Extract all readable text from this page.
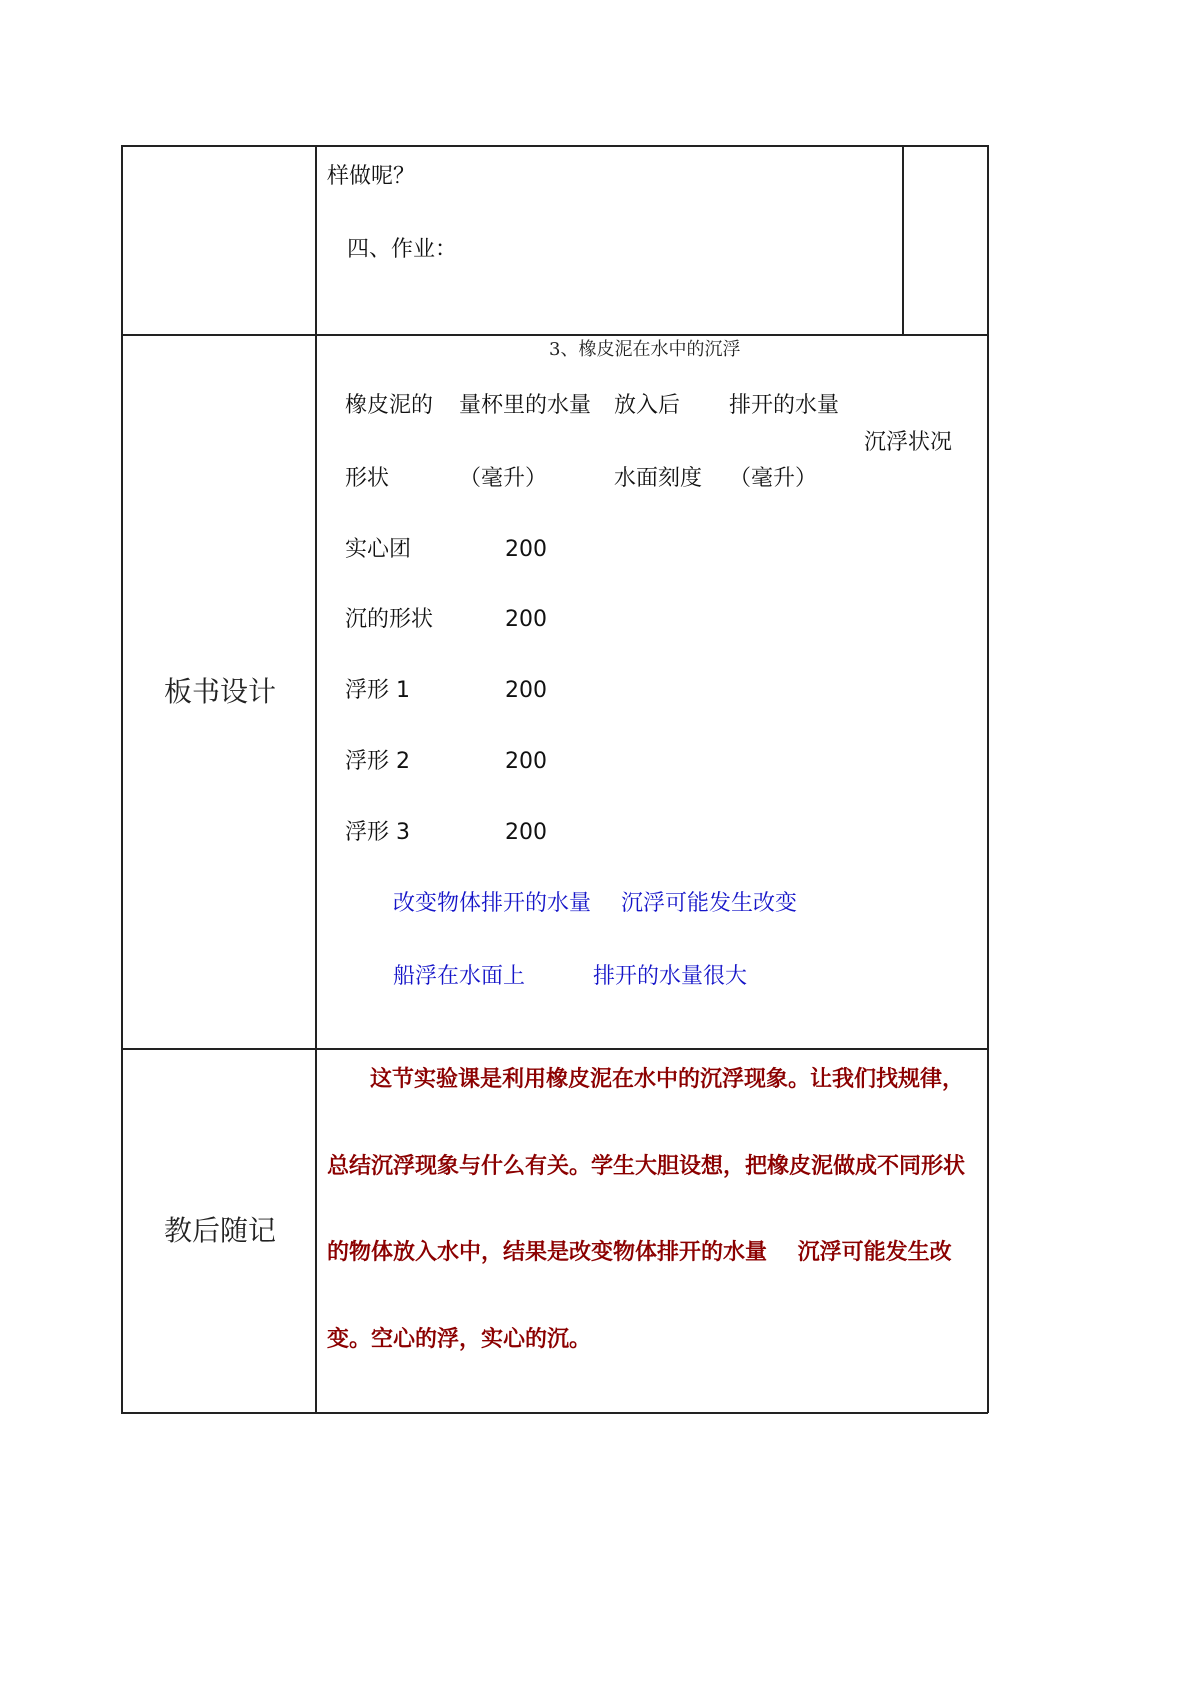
样做呢？
四、作业：
板书设计
3、橡皮泥在水中的沉浮
橡皮泥的 量杯里的水量 放入后 排开的水量
沉浮状况
形状	（毫升）	水面刻度 （毫升）
实心团	200
沉的形状	200
浮形 1	200
浮形 2	200
浮形 3	200
改变物体排开的水量 沉浮可能发生改变
船浮在水面上	排开的水量很大
教后随记
这节实验课是利用橡皮泥在水中的沉浮现象。让我们找规律，
总结沉浮现象与什么有关。学生大胆设想，把橡皮泥做成不同形状
的物体放入水中，结果是改变物体排开的水量    沉浮可能发生改
变。空心的浮，实心的沉。
